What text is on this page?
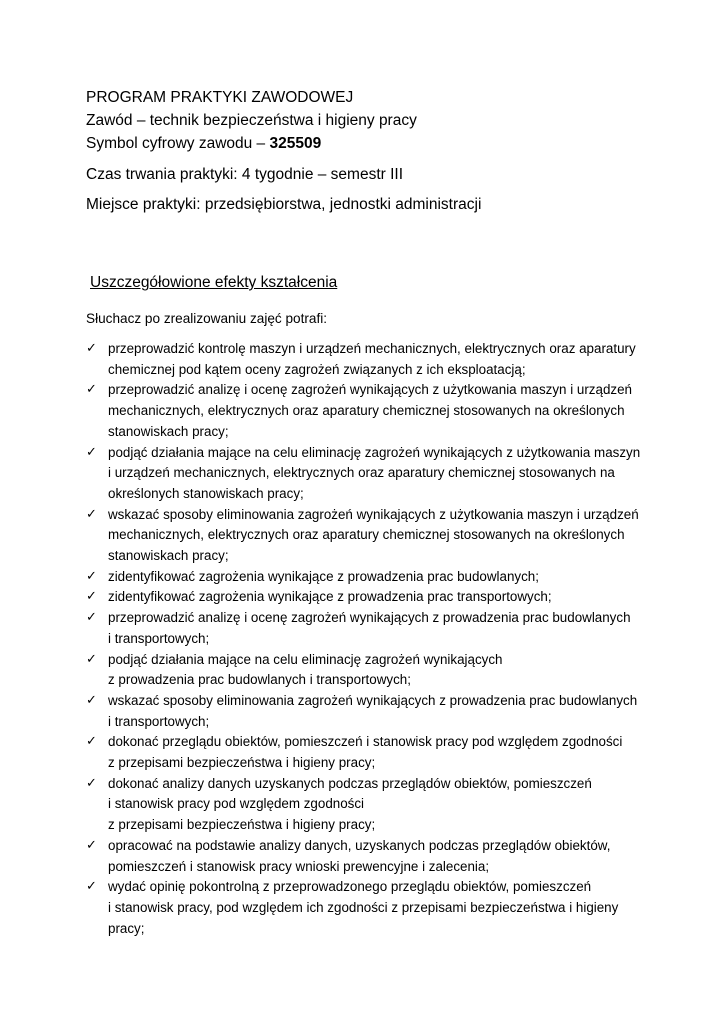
PROGRAM PRAKTYKI ZAWODOWEJ
Zawód – technik bezpieczeństwa i higieny pracy
Symbol cyfrowy zawodu – 325509
Czas trwania praktyki: 4 tygodnie – semestr III
Miejsce praktyki: przedsiębiorstwa, jednostki administracji
Uszczegółowione efekty kształcenia
Słuchacz po zrealizowaniu zajęć potrafi:
✓ przeprowadzić kontrolę maszyn i urządzeń mechanicznych, elektrycznych oraz aparatury
chemicznej pod kątem oceny zagrożeń związanych z ich eksploatacją;
✓ przeprowadzić analizę i ocenę zagrożeń wynikających z użytkowania maszyn i urządzeń
mechanicznych, elektrycznych oraz aparatury chemicznej stosowanych na określonych
stanowiskach pracy;
✓ podjąć działania mające na celu eliminację zagrożeń wynikających z użytkowania maszyn
i urządzeń mechanicznych, elektrycznych oraz aparatury chemicznej stosowanych na
określonych stanowiskach pracy;
✓ wskazać sposoby eliminowania zagrożeń wynikających z użytkowania maszyn i urządzeń
mechanicznych, elektrycznych oraz aparatury chemicznej stosowanych na określonych
stanowiskach pracy;
✓ zidentyfikować zagrożenia wynikające z prowadzenia prac budowlanych;
✓ zidentyfikować zagrożenia wynikające z prowadzenia prac transportowych;
✓ przeprowadzić analizę i ocenę zagrożeń wynikających z prowadzenia prac budowlanych
i transportowych;
✓ podjąć działania mające na celu eliminację zagrożeń wynikających
z prowadzenia prac budowlanych i transportowych;
✓ wskazać sposoby eliminowania zagrożeń wynikających z prowadzenia prac budowlanych
i transportowych;
✓ dokonać przeglądu obiektów, pomieszczeń i stanowisk pracy pod względem zgodności
z przepisami bezpieczeństwa i higieny pracy;
✓ dokonać analizy danych uzyskanych podczas przeglądów obiektów, pomieszczeń
i stanowisk pracy pod względem zgodności
z przepisami bezpieczeństwa i higieny pracy;
✓ opracować na podstawie analizy danych, uzyskanych podczas przeglądów obiektów,
pomieszczeń i stanowisk pracy wnioski prewencyjne i zalecenia;
✓ wydać opinię pokontrolną z przeprowadzonego przeglądu obiektów, pomieszczeń
i stanowisk pracy, pod względem ich zgodności z przepisami bezpieczeństwa i higieny
pracy;
